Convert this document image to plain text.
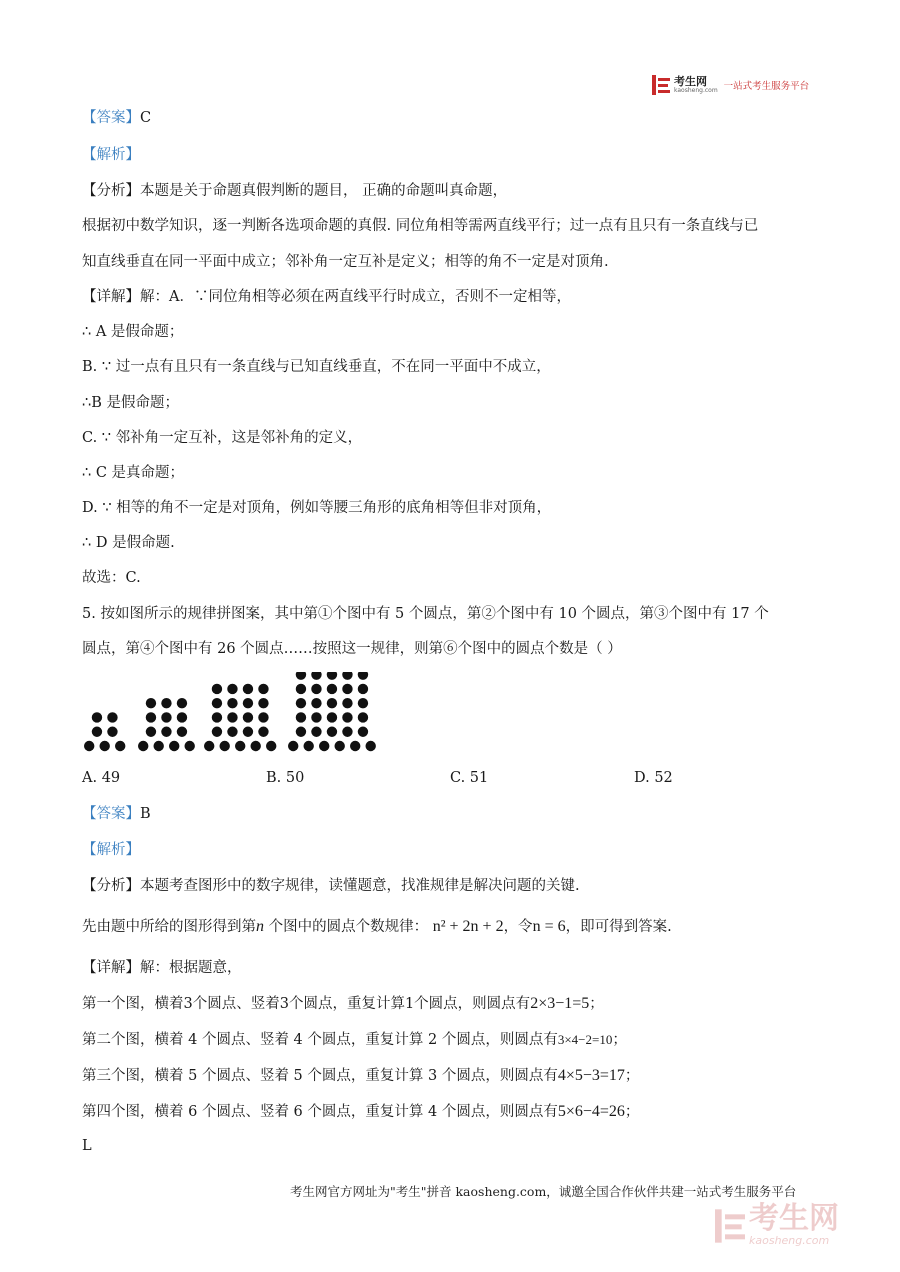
考生网
kaosheng.com 一站式考生服务平台
【答案】C
【解析】
【分析】本题是关于命题真假判断的题目， 正确的命题叫真命题，
根据初中数学知识，逐一判断各选项命题的真假. 同位角相等需两直线平行；过一点有且只有一条直线与已
知直线垂直在同一平面中成立；邻补角一定互补是定义；相等的角不一定是对顶角.
【详解】解：A．∵同位角相等必须在两直线平行时成立，否则不一定相等，
∴ A 是假命题；
B. ∵ 过一点有且只有一条直线与已知直线垂直，不在同一平面中不成立，
∴B 是假命题；
C. ∵ 邻补角一定互补，这是邻补角的定义，
∴ C 是真命题；
D. ∵ 相等的角不一定是对顶角，例如等腰三角形的底角相等但非对顶角，
∴ D 是假命题.
故选：C.
5. 按如图所示的规律拼图案，其中第①个图中有 5 个圆点，第②个图中有 10 个圆点，第③个图中有 17 个
圆点，第④个图中有 26 个圆点……按照这一规律，则第⑥个图中的圆点个数是（ ）
A. 49	B. 50	C. 51	D. 52
【答案】B
【解析】
【分析】本题考查图形中的数字规律，读懂题意，找准规律是解决问题的关键.
先由题中所给的图形得到第n 个图中的圆点个数规律： n² + 2n + 2，令n = 6，即可得到答案.
【详解】解：根据题意，
第一个图，横着3个圆点、竖着3个圆点，重复计算1个圆点，则圆点有2×3−1=5；
第二个图，横着 4 个圆点、竖着 4 个圆点，重复计算 2 个圆点，则圆点有3×4−2=10；
第三个图，横着 5 个圆点、竖着 5 个圆点，重复计算 3 个圆点，则圆点有4×5−3=17；
第四个图，横着 6 个圆点、竖着 6 个圆点，重复计算 4 个圆点，则圆点有5×6−4=26；
L
考生网官方网址为"考生"拼音 kaosheng.com，诚邀全国合作伙伴共建一站式考生服务平台
考生网
kaosheng.com
